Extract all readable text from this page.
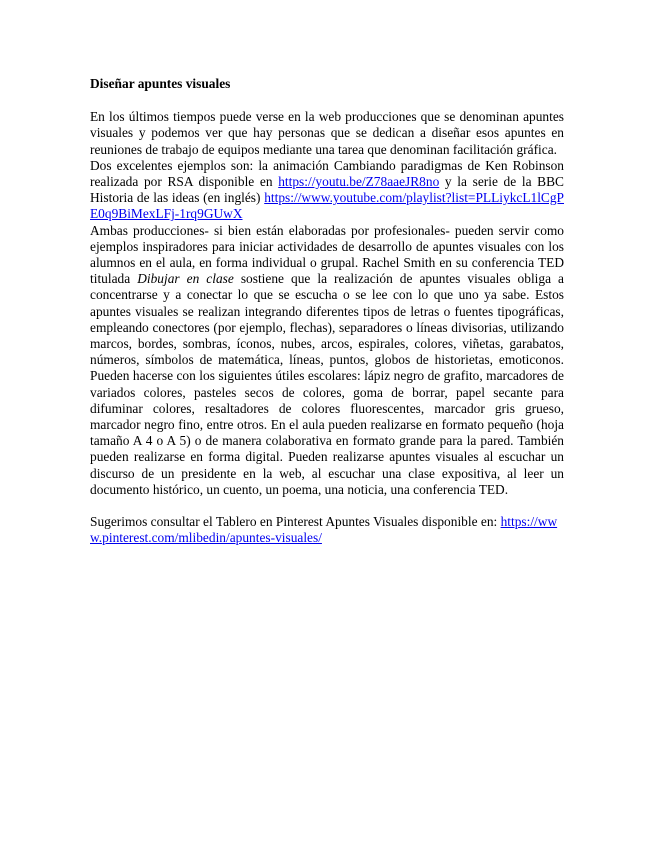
Diseñar apuntes visuales

En los últimos tiempos puede verse en la web producciones que se denominan apuntes visuales y podemos ver que hay personas que se dedican a diseñar esos apuntes en reuniones de trabajo de equipos mediante una tarea que denominan facilitación gráfica.

Dos excelentes ejemplos son: la animación Cambiando paradigmas de Ken Robinson realizada por RSA disponible en https://youtu.be/Z78aaeJR8no y la serie de la BBC Historia de las ideas (en inglés) https://www.youtube.com/playlist?list=PLLiykcL1lCgPE0q9BiMexLFj-1rq9GUwX

Ambas producciones- si bien están elaboradas por profesionales- pueden servir como ejemplos inspiradores para iniciar actividades de desarrollo de apuntes visuales con los alumnos en el aula, en forma individual o grupal. Rachel Smith en su conferencia TED titulada Dibujar en clase sostiene que la realización de apuntes visuales obliga a concentrarse y a conectar lo que se escucha o se lee con lo que uno ya sabe. Estos apuntes visuales se realizan integrando diferentes tipos de letras o fuentes tipográficas, empleando conectores (por ejemplo, flechas), separadores o líneas divisorias, utilizando marcos, bordes, sombras, íconos, nubes, arcos, espirales, colores, viñetas, garabatos, números, símbolos de matemática, líneas, puntos, globos de historietas, emoticonos. Pueden hacerse con los siguientes útiles escolares: lápiz negro de grafito, marcadores de variados colores, pasteles secos de colores, goma de borrar, papel secante para difuminar colores, resaltadores de colores fluorescentes, marcador gris grueso, marcador negro fino, entre otros. En el aula pueden realizarse en formato pequeño (hoja tamaño A 4 o A 5) o de manera colaborativa en formato grande para la pared. También pueden realizarse en forma digital. Pueden realizarse apuntes visuales al escuchar un discurso de un presidente en la web, al escuchar una clase expositiva, al leer un documento histórico, un cuento, un poema, una noticia, una conferencia TED.

Sugerimos consultar el Tablero en Pinterest Apuntes Visuales disponible en: https://www.pinterest.com/mlibedin/apuntes-visuales/
